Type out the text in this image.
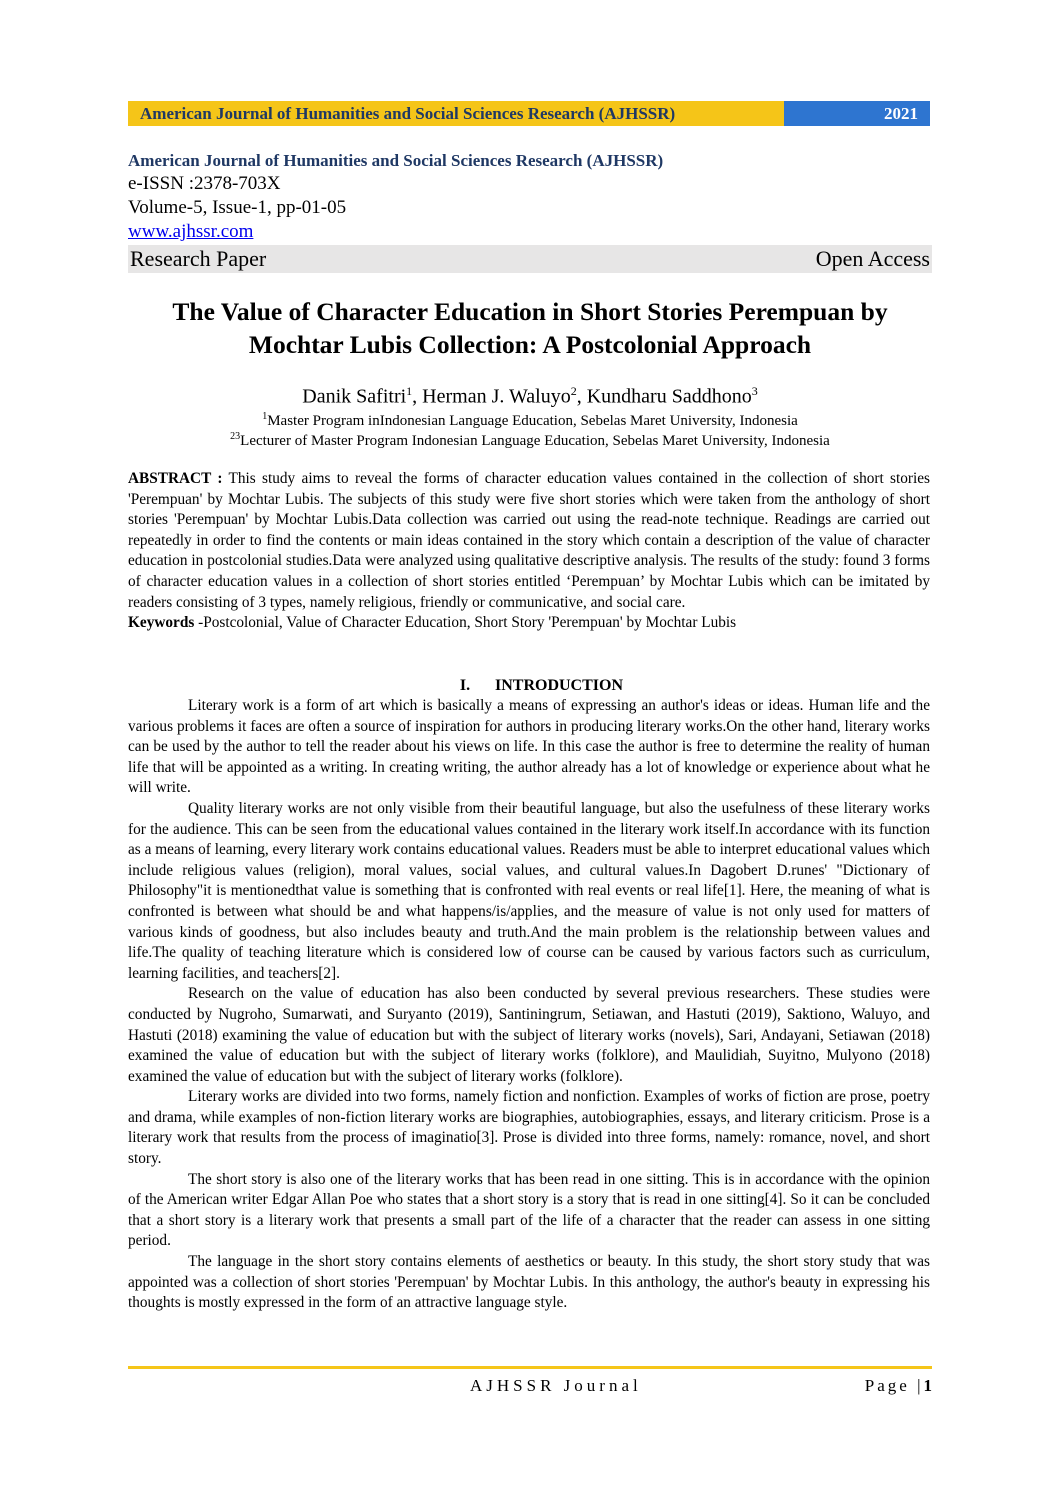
American Journal of Humanities and Social Sciences Research (AJHSSR)	2021
American Journal of Humanities and Social Sciences Research (AJHSSR)
e-ISSN :2378-703X
Volume-5, Issue-1, pp-01-05
www.ajhssr.com
Research Paper	Open Access
The Value of Character Education in Short Stories Perempuan by
Mochtar Lubis Collection: A Postcolonial Approach
Danik Safitri$^1$, Herman J. Waluyo$^2$, Kundharu Saddhono$^3$
$^1$Master Program inIndonesian Language Education, Sebelas Maret University, Indonesia
$^{23}$Lecturer of Master Program Indonesian Language Education, Sebelas Maret University, Indonesia

ABSTRACT : This study aims to reveal the forms of character education values contained in the collection of short stories 'Perempuan' by Mochtar Lubis. The subjects of this study were five short stories which were taken from the anthology of short stories 'Perempuan' by Mochtar Lubis.Data collection was carried out using the read-note technique. Readings are carried out repeatedly in order to find the contents or main ideas contained in the story which contain a description of the value of character education in postcolonial studies.Data were analyzed using qualitative descriptive analysis. The results of the study: found 3 forms of character education values in a collection of short stories entitled ‘Perempuan’ by Mochtar Lubis which can be imitated by readers consisting of 3 types, namely religious, friendly or communicative, and social care.

Keywords -Postcolonial, Value of Character Education, Short Story 'Perempuan' by Mochtar Lubis

I. INTRODUCTION

Literary work is a form of art which is basically a means of expressing an author's ideas or ideas. Human life and the various problems it faces are often a source of inspiration for authors in producing literary works.On the other hand, literary works can be used by the author to tell the reader about his views on life. In this case the author is free to determine the reality of human life that will be appointed as a writing. In creating writing, the author already has a lot of knowledge or experience about what he will write.

Quality literary works are not only visible from their beautiful language, but also the usefulness of these literary works for the audience. This can be seen from the educational values contained in the literary work itself.In accordance with its function as a means of learning, every literary work contains educational values. Readers must be able to interpret educational values which include religious values (religion), moral values, social values, and cultural values.In Dagobert D.runes' "Dictionary of Philosophy"it is mentionedthat value is something that is confronted with real events or real life[1]. Here, the meaning of what is confronted is between what should be and what happens/is/applies, and the measure of value is not only used for matters of various kinds of goodness, but also includes beauty and truth.And the main problem is the relationship between values and life.The quality of teaching literature which is considered low of course can be caused by various factors such as curriculum, learning facilities, and teachers[2].

Research on the value of education has also been conducted by several previous researchers. These studies were conducted by Nugroho, Sumarwati, and Suryanto (2019), Santiningrum, Setiawan, and Hastuti (2019), Saktiono, Waluyo, and Hastuti (2018) examining the value of education but with the subject of literary works (novels), Sari, Andayani, Setiawan (2018) examined the value of education but with the subject of literary works (folklore), and Maulidiah, Suyitno, Mulyono (2018) examined the value of education but with the subject of literary works (folklore).

Literary works are divided into two forms, namely fiction and nonfiction. Examples of works of fiction are prose, poetry and drama, while examples of non-fiction literary works are biographies, autobiographies, essays, and literary criticism. Prose is a literary work that results from the process of imaginatio[3]. Prose is divided into three forms, namely: romance, novel, and short story.

The short story is also one of the literary works that has been read in one sitting. This is in accordance with the opinion of the American writer Edgar Allan Poe who states that a short story is a story that is read in one sitting[4]. So it can be concluded that a short story is a literary work that presents a small part of the life of a character that the reader can assess in one sitting period.

The language in the short story contains elements of aesthetics or beauty. In this study, the short story study that was appointed was a collection of short stories 'Perempuan' by Mochtar Lubis. In this anthology, the author's beauty in expressing his thoughts is mostly expressed in the form of an attractive language style.

AJHSSR Journal	Page |1
